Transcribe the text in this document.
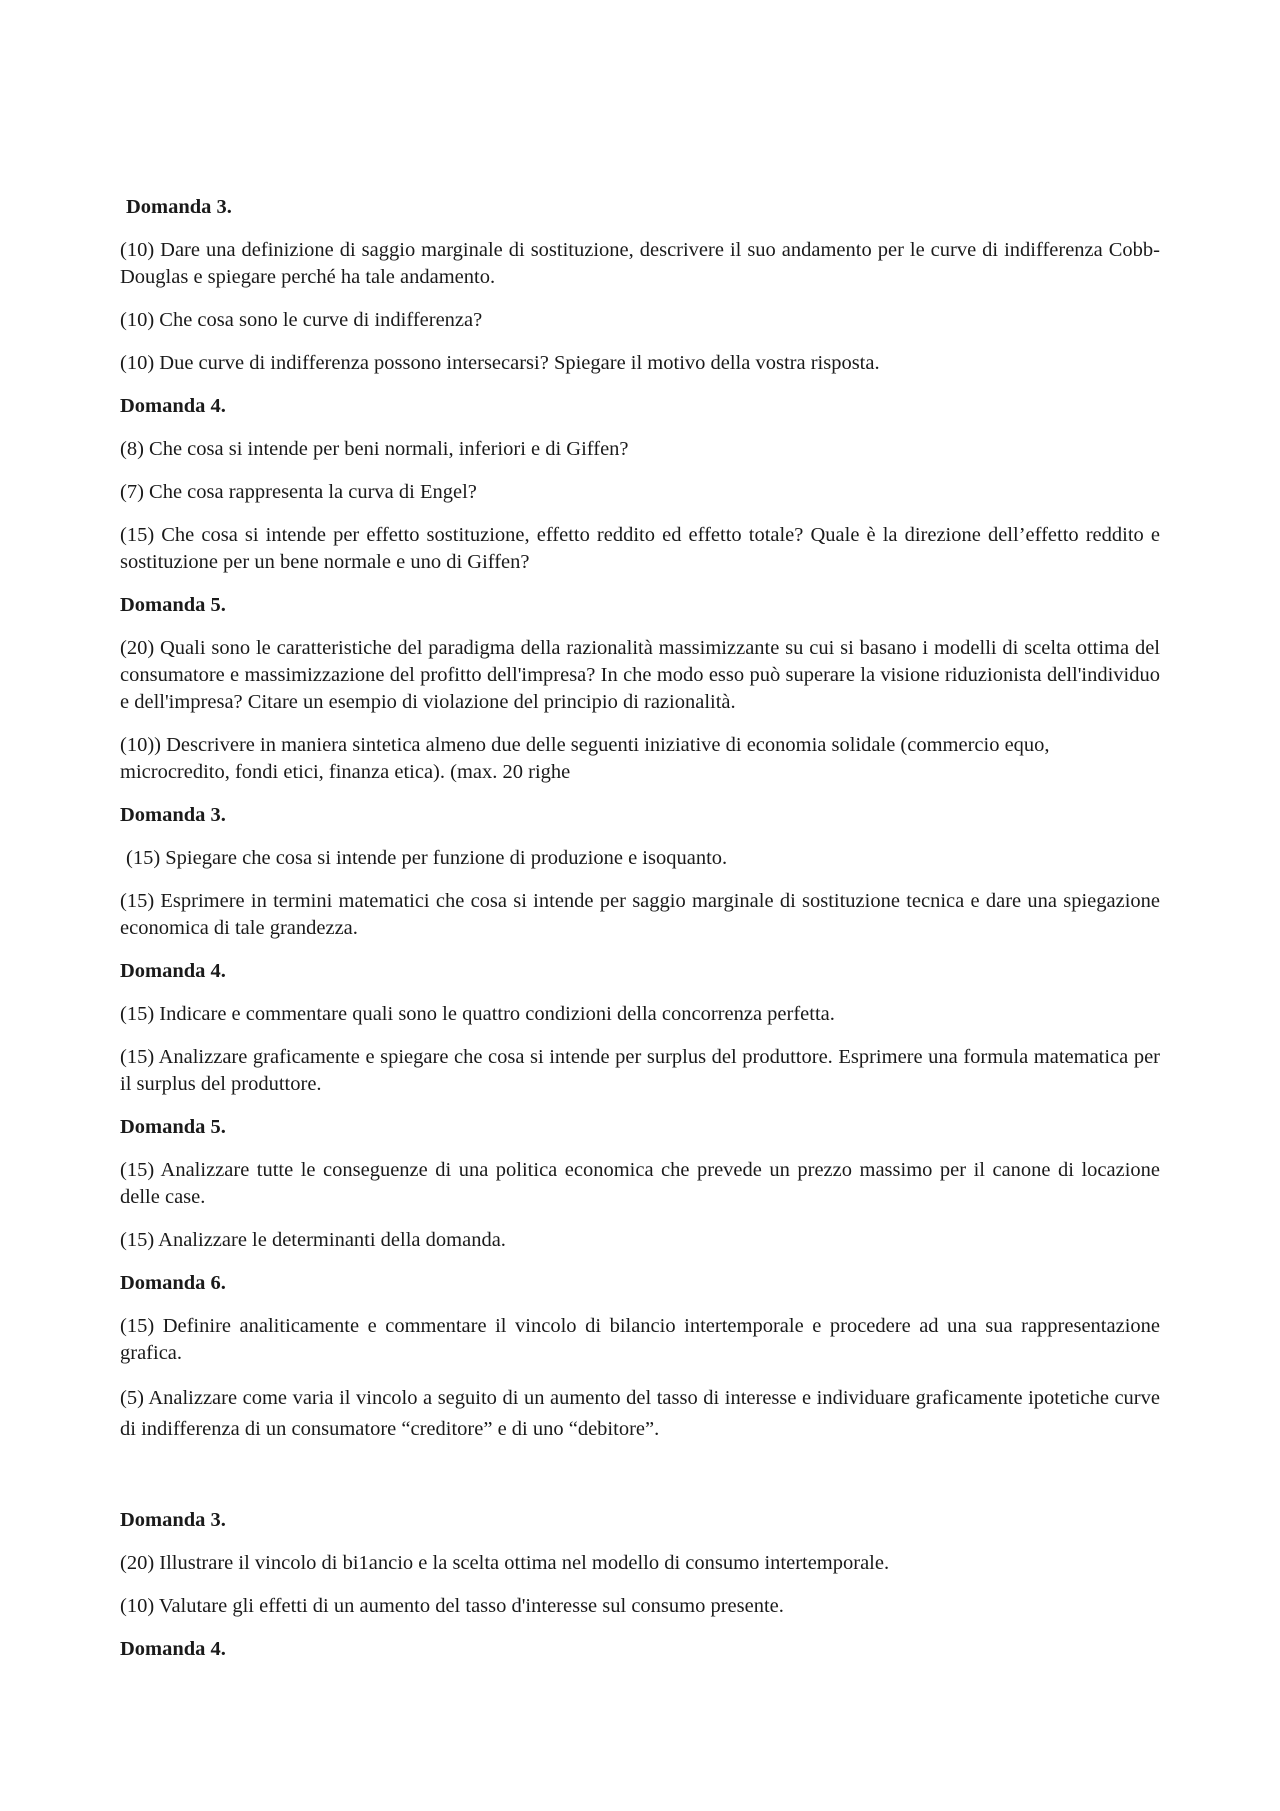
Domanda 3.

(10) Dare una definizione di saggio marginale di sostituzione, descrivere il suo andamento per le curve di indifferenza Cobb-Douglas e spiegare perché ha tale andamento.

(10) Che cosa sono le curve di indifferenza?

(10) Due curve di indifferenza possono intersecarsi? Spiegare il motivo della vostra risposta.

Domanda 4.

(8) Che cosa si intende per beni normali, inferiori e di Giffen?

(7) Che cosa rappresenta la curva di Engel?

(15) Che cosa si intende per effetto sostituzione, effetto reddito ed effetto totale? Quale è la direzione dell’effetto reddito e sostituzione per un bene normale e uno di Giffen?

Domanda 5.

(20) Quali sono le caratteristiche del paradigma della razionalità massimizzante su cui si basano i modelli di scelta ottima del consumatore e massimizzazione del profitto dell'impresa? In che modo esso può superare la visione riduzionista dell'individuo e dell'impresa? Citare un esempio di violazione del principio di razionalità.

(10)) Descrivere in maniera sintetica almeno due delle seguenti iniziative di economia solidale (commercio equo, microcredito, fondi etici, finanza etica). (max. 20 righe

Domanda 3.

(15) Spiegare che cosa si intende per funzione di produzione e isoquanto.

(15) Esprimere in termini matematici che cosa si intende per saggio marginale di sostituzione tecnica e dare una spiegazione economica di tale grandezza.

Domanda 4.

(15) Indicare e commentare quali sono le quattro condizioni della concorrenza perfetta.

(15) Analizzare graficamente e spiegare che cosa si intende per surplus del produttore. Esprimere una formula matematica per il surplus del produttore.

Domanda 5.

(15) Analizzare tutte le conseguenze di una politica economica che prevede un prezzo massimo per il canone di locazione delle case.

(15) Analizzare le determinanti della domanda.

Domanda 6.

(15) Definire analiticamente e commentare il vincolo di bilancio intertemporale e procedere ad una sua rappresentazione grafica.

(5) Analizzare come varia il vincolo a seguito di un aumento del tasso di interesse e individuare graficamente ipotetiche curve di indifferenza di un consumatore “creditore” e di uno “debitore”.

Domanda 3.

(20) Illustrare il vincolo di bi1ancio e la scelta ottima nel modello di consumo intertemporale.

(10) Valutare gli effetti di un aumento del tasso d'interesse sul consumo presente.

Domanda 4.
